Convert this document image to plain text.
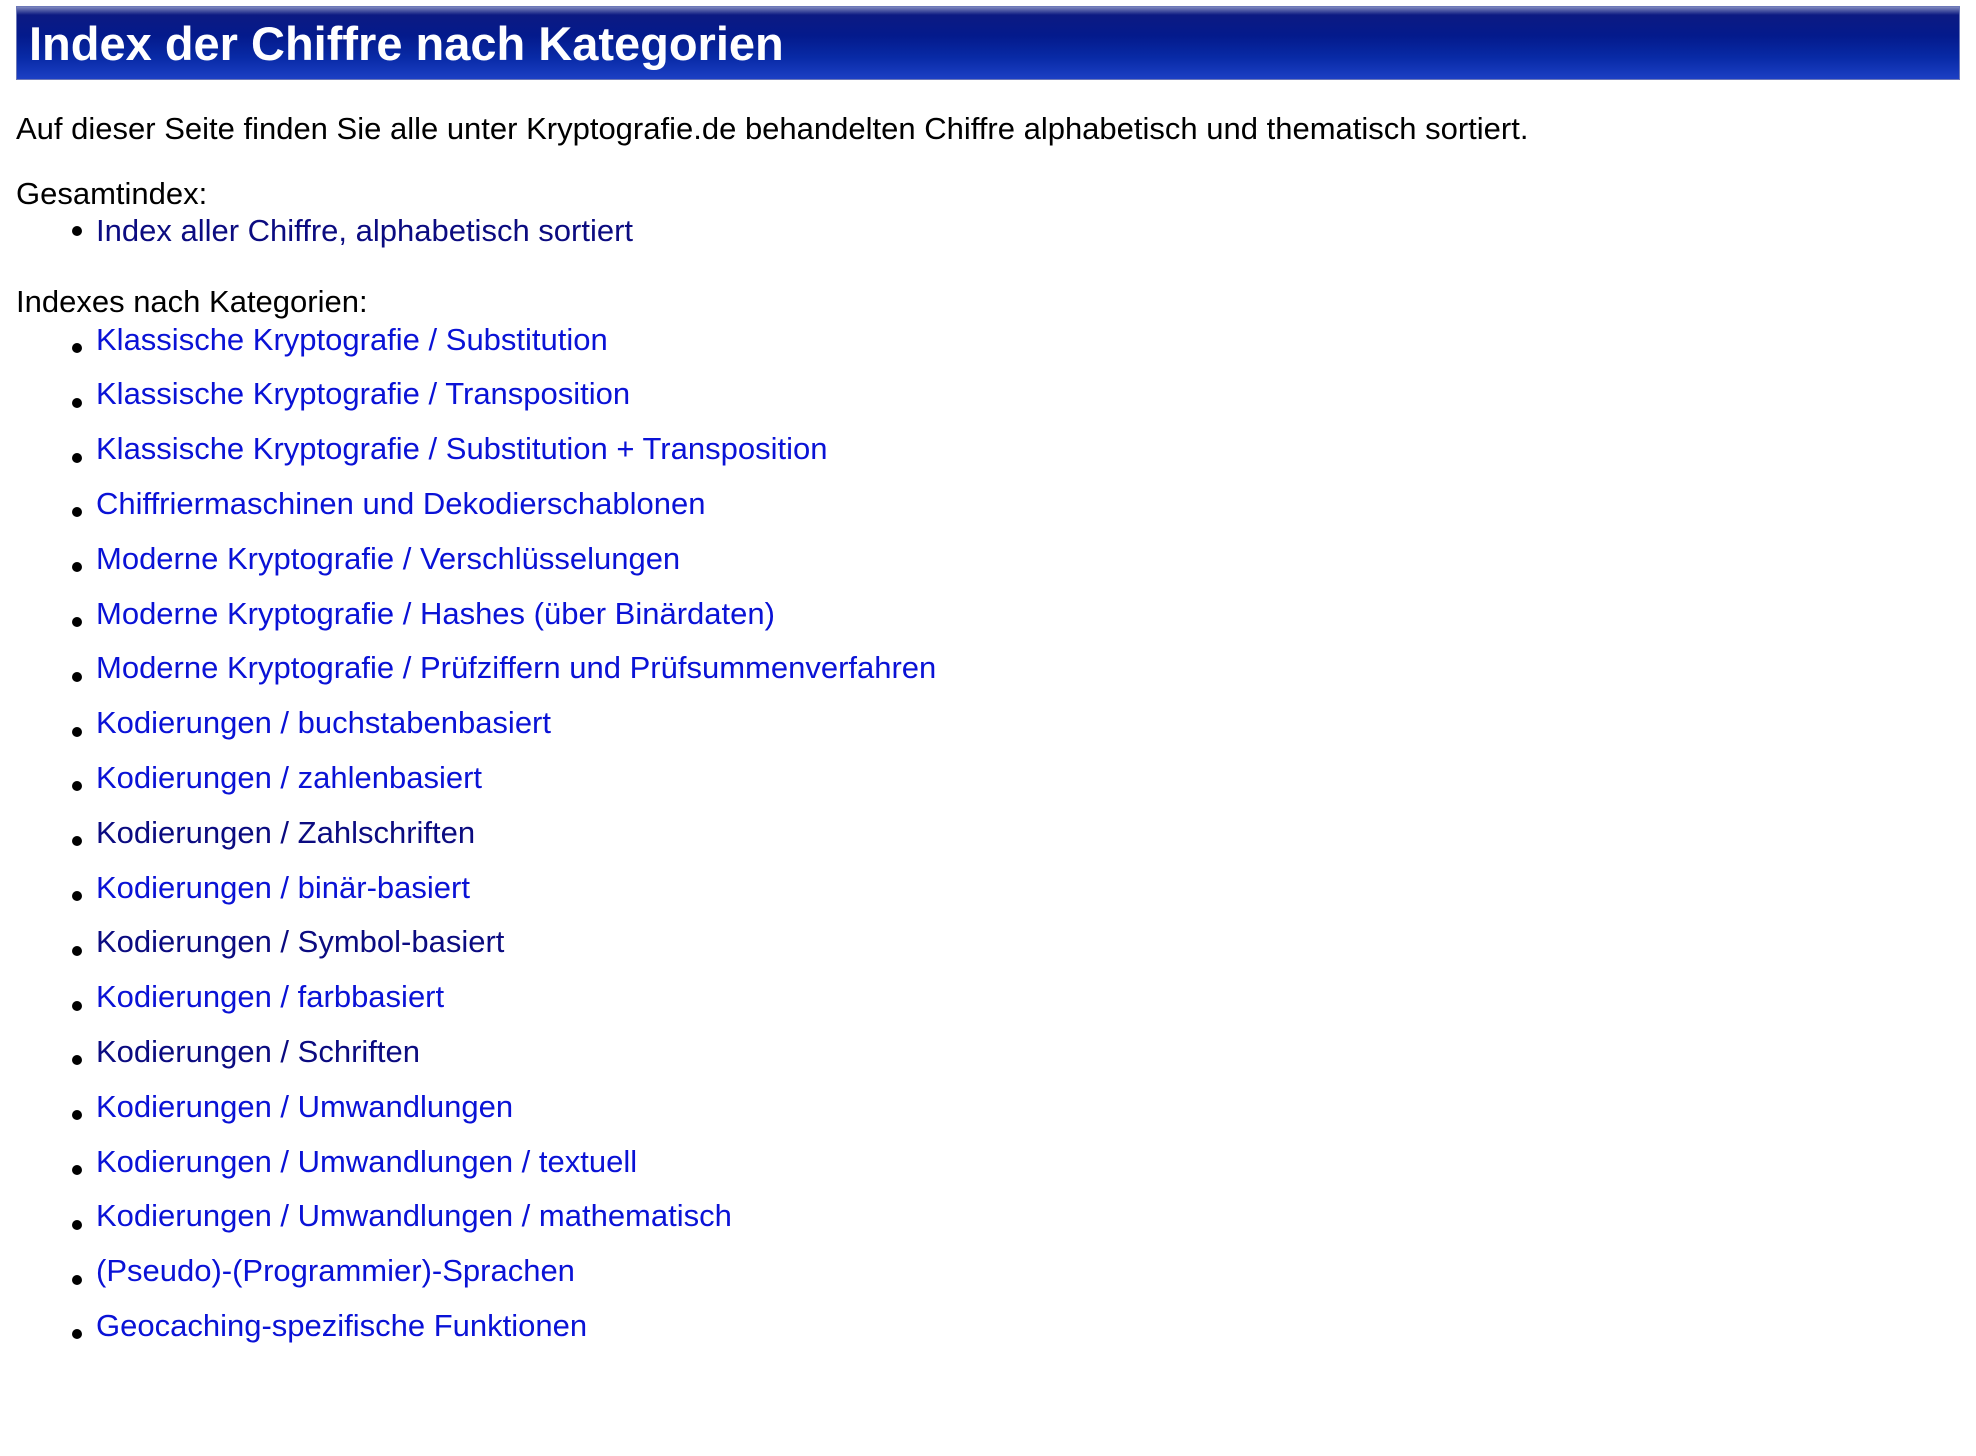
Index der Chiffre nach Kategorien

Auf dieser Seite finden Sie alle unter Kryptografie.de behandelten Chiffre alphabetisch und thematisch sortiert.

Gesamtindex:
Index aller Chiffre, alphabetisch sortiert
Indexes nach Kategorien:
Klassische Kryptografie / Substitution
Klassische Kryptografie / Transposition
Klassische Kryptografie / Substitution + Transposition
Chiffriermaschinen und Dekodierschablonen
Moderne Kryptografie / Verschlüsselungen
Moderne Kryptografie / Hashes (über Binärdaten)
Moderne Kryptografie / Prüfziffern und Prüfsummenverfahren
Kodierungen / buchstabenbasiert
Kodierungen / zahlenbasiert
Kodierungen / Zahlschriften
Kodierungen / binär-basiert
Kodierungen / Symbol-basiert
Kodierungen / farbbasiert
Kodierungen / Schriften
Kodierungen / Umwandlungen
Kodierungen / Umwandlungen / textuell
Kodierungen / Umwandlungen / mathematisch
(Pseudo)-(Programmier)-Sprachen
Geocaching-spezifische Funktionen
